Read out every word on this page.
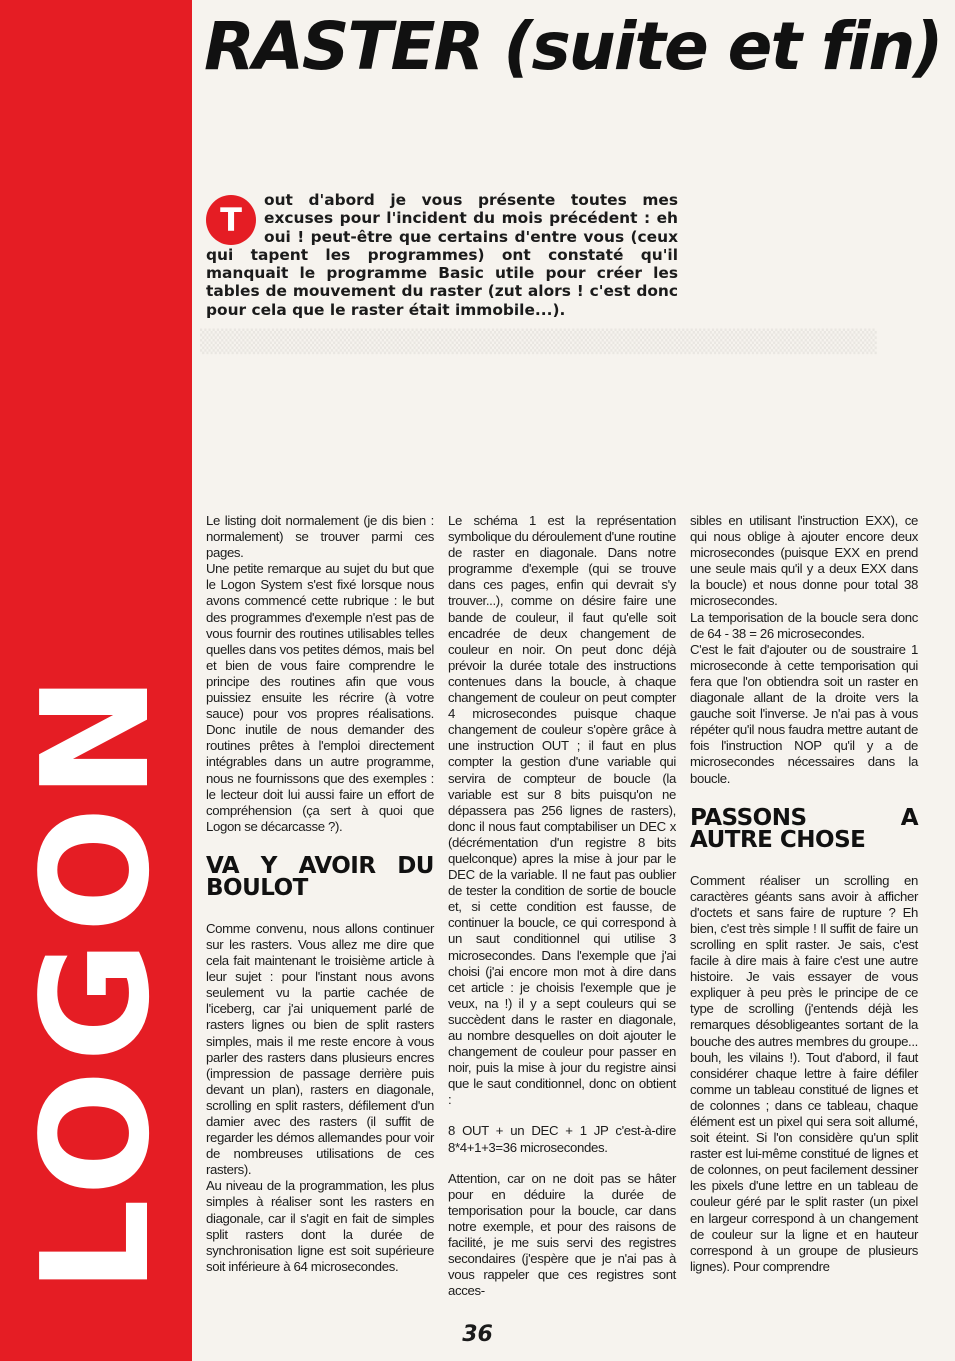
LOGON
▒▒▒▒▒▒▒▒▒▒▒▒▒▒▒▒▒▒▒▒▒▒▒▒▒▒▒▒▒▒▒▒▒▒▒▒▒▒▒▒
RASTER (suite et fin)
T
out d'abord je vous présente toutes mes excuses pour l'incident du mois précédent : eh oui ! peut-être que certains d'entre vous (ceux qui tapent les programmes) ont constaté qu'il manquait le programme Basic utile pour créer les tables de mouvement du raster (zut alors ! c'est donc pour cela que le raster était immobile...).

Le listing doit normalement (je dis bien : normalement) se trouver parmi ces pages.

Une petite remarque au sujet du but que le Logon System s'est fixé lorsque nous avons commencé cette rubrique : le but des programmes d'exemple n'est pas de vous fournir des routines utilisables telles quelles dans vos petites démos, mais bel et bien de vous faire comprendre le principe des routines afin que vous puissiez ensuite les récrire (à votre sauce) pour vos propres réalisations. Donc inutile de nous demander des routines prêtes à l'emploi directement intégrables dans un autre programme, nous ne fournissons que des exemples : le lecteur doit lui aussi faire un effort de compréhension (ça sert à quoi que Logon se décarcasse ?).

VA Y AVOIR DU BOULOT

Comme convenu, nous allons continuer sur les rasters. Vous allez me dire que cela fait maintenant le troisième article à leur sujet : pour l'instant nous avons seulement vu la partie cachée de l'iceberg, car j'ai uniquement parlé de rasters lignes ou bien de split rasters simples, mais il me reste encore à vous parler des rasters dans plusieurs encres (impression de passage derrière puis devant un plan), rasters en diagonale, scrolling en split rasters, défilement d'un damier avec des rasters (il suffit de regarder les démos allemandes pour voir de nombreuses utilisations de ces rasters).

Au niveau de la programmation, les plus simples à réaliser sont les rasters en diagonale, car il s'agit en fait de simples split rasters dont la durée de synchronisation ligne est soit supérieure soit inférieure à 64 microsecondes.

Le schéma 1 est la représentation symbolique du déroulement d'une routine de raster en diagonale. Dans notre programme d'exemple (qui se trouve dans ces pages, enfin qui devrait s'y trouver...), comme on désire faire une bande de couleur, il faut qu'elle soit encadrée de deux changement de couleur en noir. On peut donc déjà prévoir la durée totale des instructions contenues dans la boucle, à chaque changement de couleur on peut compter 4 microsecondes puisque chaque changement de couleur s'opère grâce à une instruction OUT ; il faut en plus compter la gestion d'une variable qui servira de compteur de boucle (la variable est sur 8 bits puisqu'on ne dépassera pas 256 lignes de rasters), donc il nous faut comptabiliser un DEC x (décrémentation d'un registre 8 bits quelconque) apres la mise à jour par le DEC de la variable. Il ne faut pas oublier de tester la condition de sortie de boucle et, si cette condition est fausse, de continuer la boucle, ce qui correspond à un saut conditionnel qui utilise 3 microsecondes. Dans l'exemple que j'ai choisi (j'ai encore mon mot à dire dans cet article : je choisis l'exemple que je veux, na !) il y a sept couleurs qui se succèdent dans le raster en diagonale, au nombre desquelles on doit ajouter le changement de couleur pour passer en noir, puis la mise à jour du registre ainsi que le saut conditionnel, donc on obtient :

8 OUT + un DEC + 1 JP c'est-à-dire 8*4+1+3=36 microsecondes.

Attention, car on ne doit pas se hâter pour en déduire la durée de temporisation pour la boucle, car dans notre exemple, et pour des raisons de facilité, je me suis servi des registres secondaires (j'espère que je n'ai pas à vous rappeler que ces registres sont acces-

sibles en utilisant l'instruction EXX), ce qui nous oblige à ajouter encore deux microsecondes (puisque EXX en prend une seule mais qu'il y a deux EXX dans la boucle) et nous donne pour total 38 microsecondes.

La temporisation de la boucle sera donc de 64 - 38 = 26 microsecondes.

C'est le fait d'ajouter ou de soustraire 1 microseconde à cette temporisation qui fera que l'on obtiendra soit un raster en diagonale allant de la droite vers la gauche soit l'inverse. Je n'ai pas à vous répéter qu'il nous faudra mettre autant de fois l'instruction NOP qu'il y a de microsecondes nécessaires dans la boucle.

PASSONS A AUTRE CHOSE

Comment réaliser un scrolling en caractères géants sans avoir à afficher d'octets et sans faire de rupture ? Eh bien, c'est très simple ! Il suffit de faire un scrolling en split raster. Je sais, c'est facile à dire mais à faire c'est une autre histoire. Je vais essayer de vous expliquer à peu près le principe de ce type de scrolling (j'entends déjà les remarques désobligeantes sortant de la bouche des autres membres du groupe... bouh, les vilains !). Tout d'abord, il faut considérer chaque lettre à faire défiler comme un tableau constitué de lignes et de colonnes ; dans ce tableau, chaque élément est un pixel qui sera soit allumé, soit éteint. Si l'on considère qu'un split raster est lui-même constitué de lignes et de colonnes, on peut facilement dessiner les pixels d'une lettre en un tableau de couleur géré par le split raster (un pixel en largeur correspond à un changement de couleur sur la ligne et en hauteur correspond à un groupe de plusieurs lignes). Pour comprendre

36
